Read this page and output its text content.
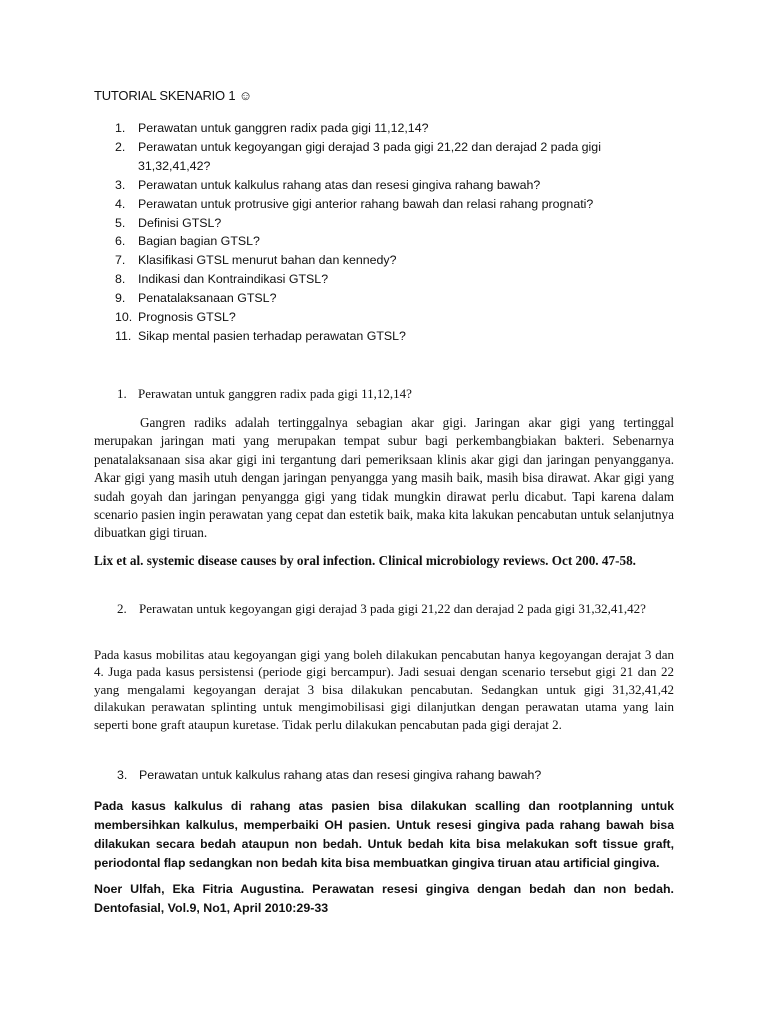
TUTORIAL SKENARIO 1 ☺
1.	Perawatan untuk ganggren radix pada gigi 11,12,14?
2.	Perawatan untuk kegoyangan gigi derajad 3 pada gigi 21,22 dan derajad 2 pada gigi 31,32,41,42?
3.	Perawatan untuk kalkulus rahang atas dan resesi gingiva rahang bawah?
4.	Perawatan untuk protrusive gigi anterior rahang bawah dan relasi rahang prognati?
5.	Definisi GTSL?
6.	Bagian bagian GTSL?
7.	Klasifikasi GTSL menurut bahan dan kennedy?
8.	Indikasi dan Kontraindikasi GTSL?
9.	Penatalaksanaan GTSL?
10. Prognosis GTSL?
11. Sikap mental pasien terhadap perawatan GTSL?
1. Perawatan untuk ganggren radix pada gigi 11,12,14?

Gangren radiks adalah tertinggalnya sebagian akar gigi. Jaringan akar gigi yang tertinggal merupakan jaringan mati yang merupakan tempat subur bagi perkembangbiakan bakteri. Sebenarnya penatalaksanaan sisa akar gigi ini tergantung dari pemeriksaan klinis akar gigi dan jaringan penyangganya. Akar gigi yang masih utuh dengan jaringan penyangga yang masih baik, masih bisa dirawat. Akar gigi yang sudah goyah dan jaringan penyangga gigi yang tidak mungkin dirawat perlu dicabut. Tapi karena dalam scenario pasien ingin perawatan yang cepat dan estetik baik, maka kita lakukan pencabutan untuk selanjutnya dibuatkan gigi tiruan.

Lix et al. systemic disease causes by oral infection. Clinical microbiology reviews. Oct 200. 47-58.

2. Perawatan untuk kegoyangan gigi derajad 3 pada gigi 21,22 dan derajad 2 pada gigi 31,32,41,42?

Pada kasus mobilitas atau kegoyangan gigi yang boleh dilakukan pencabutan hanya kegoyangan derajat 3 dan 4. Juga pada kasus persistensi (periode gigi bercampur). Jadi sesuai dengan scenario tersebut gigi 21 dan 22 yang mengalami kegoyangan derajat 3 bisa dilakukan pencabutan. Sedangkan untuk gigi 31,32,41,42 dilakukan perawatan splinting untuk mengimobilisasi gigi dilanjutkan dengan perawatan utama yang lain seperti bone graft ataupun kuretase. Tidak perlu dilakukan pencabutan pada gigi derajat 2.

3. Perawatan untuk kalkulus rahang atas dan resesi gingiva rahang bawah?

Pada kasus kalkulus di rahang atas pasien bisa dilakukan scalling dan rootplanning untuk membersihkan kalkulus, memperbaiki OH pasien. Untuk resesi gingiva pada rahang bawah bisa dilakukan secara bedah ataupun non bedah. Untuk bedah kita bisa melakukan soft tissue graft, periodontal flap sedangkan non bedah kita bisa membuatkan gingiva tiruan atau artificial gingiva.

Noer Ulfah, Eka Fitria Augustina. Perawatan resesi gingiva dengan bedah dan non bedah. Dentofasial, Vol.9, No1, April 2010:29-33
